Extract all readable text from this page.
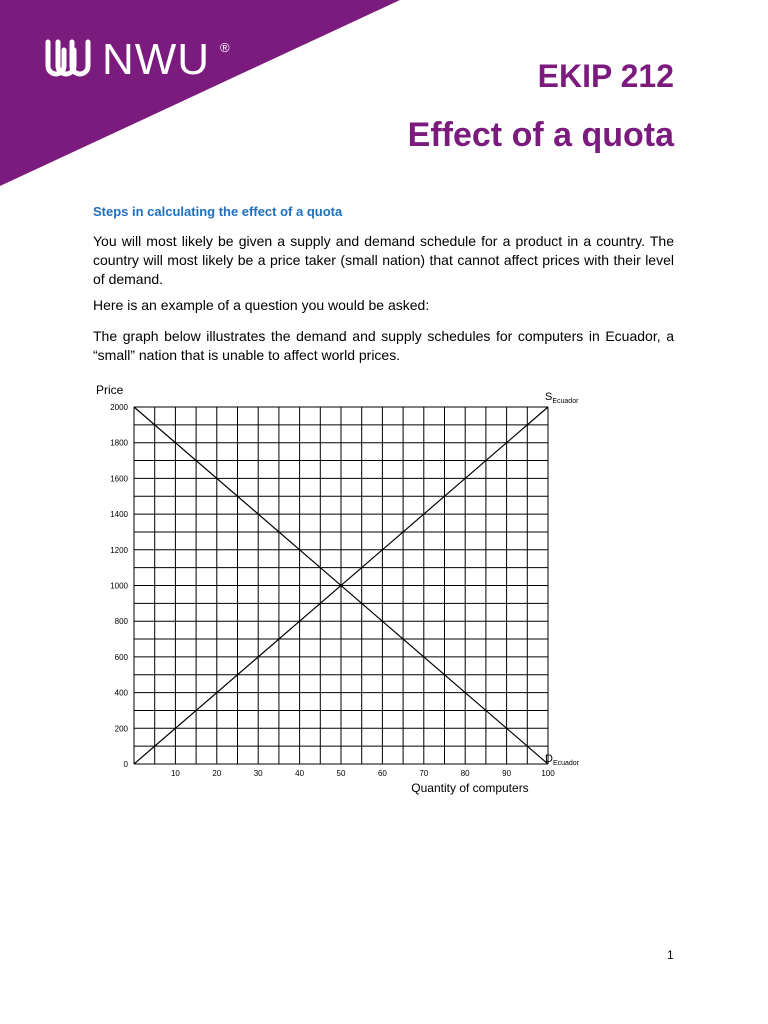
NWU ®
EKIP 212
Effect of a quota
Steps in calculating the effect of a quota
You will most likely be given a supply and demand schedule for a product in a country. The country will most likely be a price taker (small nation) that cannot affect prices with their level of demand.
Here is an example of a question you would be asked:
The graph below illustrates the demand and supply schedules for computers in Ecuador, a “small” nation that is unable to affect world prices.
0
200
400
600
800
1000
1200
1400
1600
1800
2000
10	20	30	40	50	60	70	80	90	100
Price
Quantity of computers
$S_{Ecuador}$
$D_{Ecuador}$
1
